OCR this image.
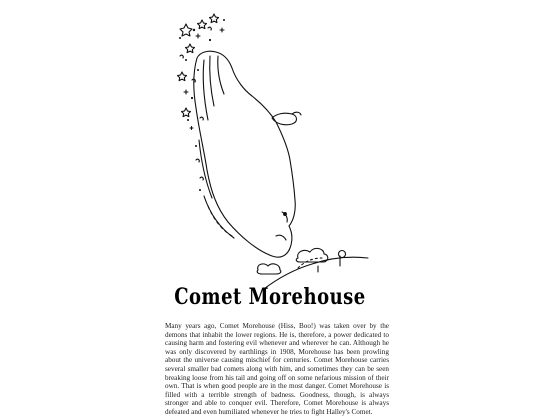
Comet Morehouse

Many years ago, Comet Morehouse (Hiss, Boo!) was taken over by the demons that inhabit the lower regions. He is, therefore, a power dedicated to causing harm and fostering evil whenever and wherever he can. Although he was only discovered by earthlings in 1908, Morehouse has been prowling about the universe causing mischief for centuries. Comet Morehouse carries several smaller bad comets along with him, and sometimes they can be seen breaking loose from his tail and going off on some nefarious mission of their own. That is when good people are in the most danger. Comet Morehouse is filled with a terrible strength of badness. Goodness, though, is always stronger and able to conquer evil. Therefore, Comet Morehouse is always defeated and even humiliated whenever he tries to fight Halley's Comet.
